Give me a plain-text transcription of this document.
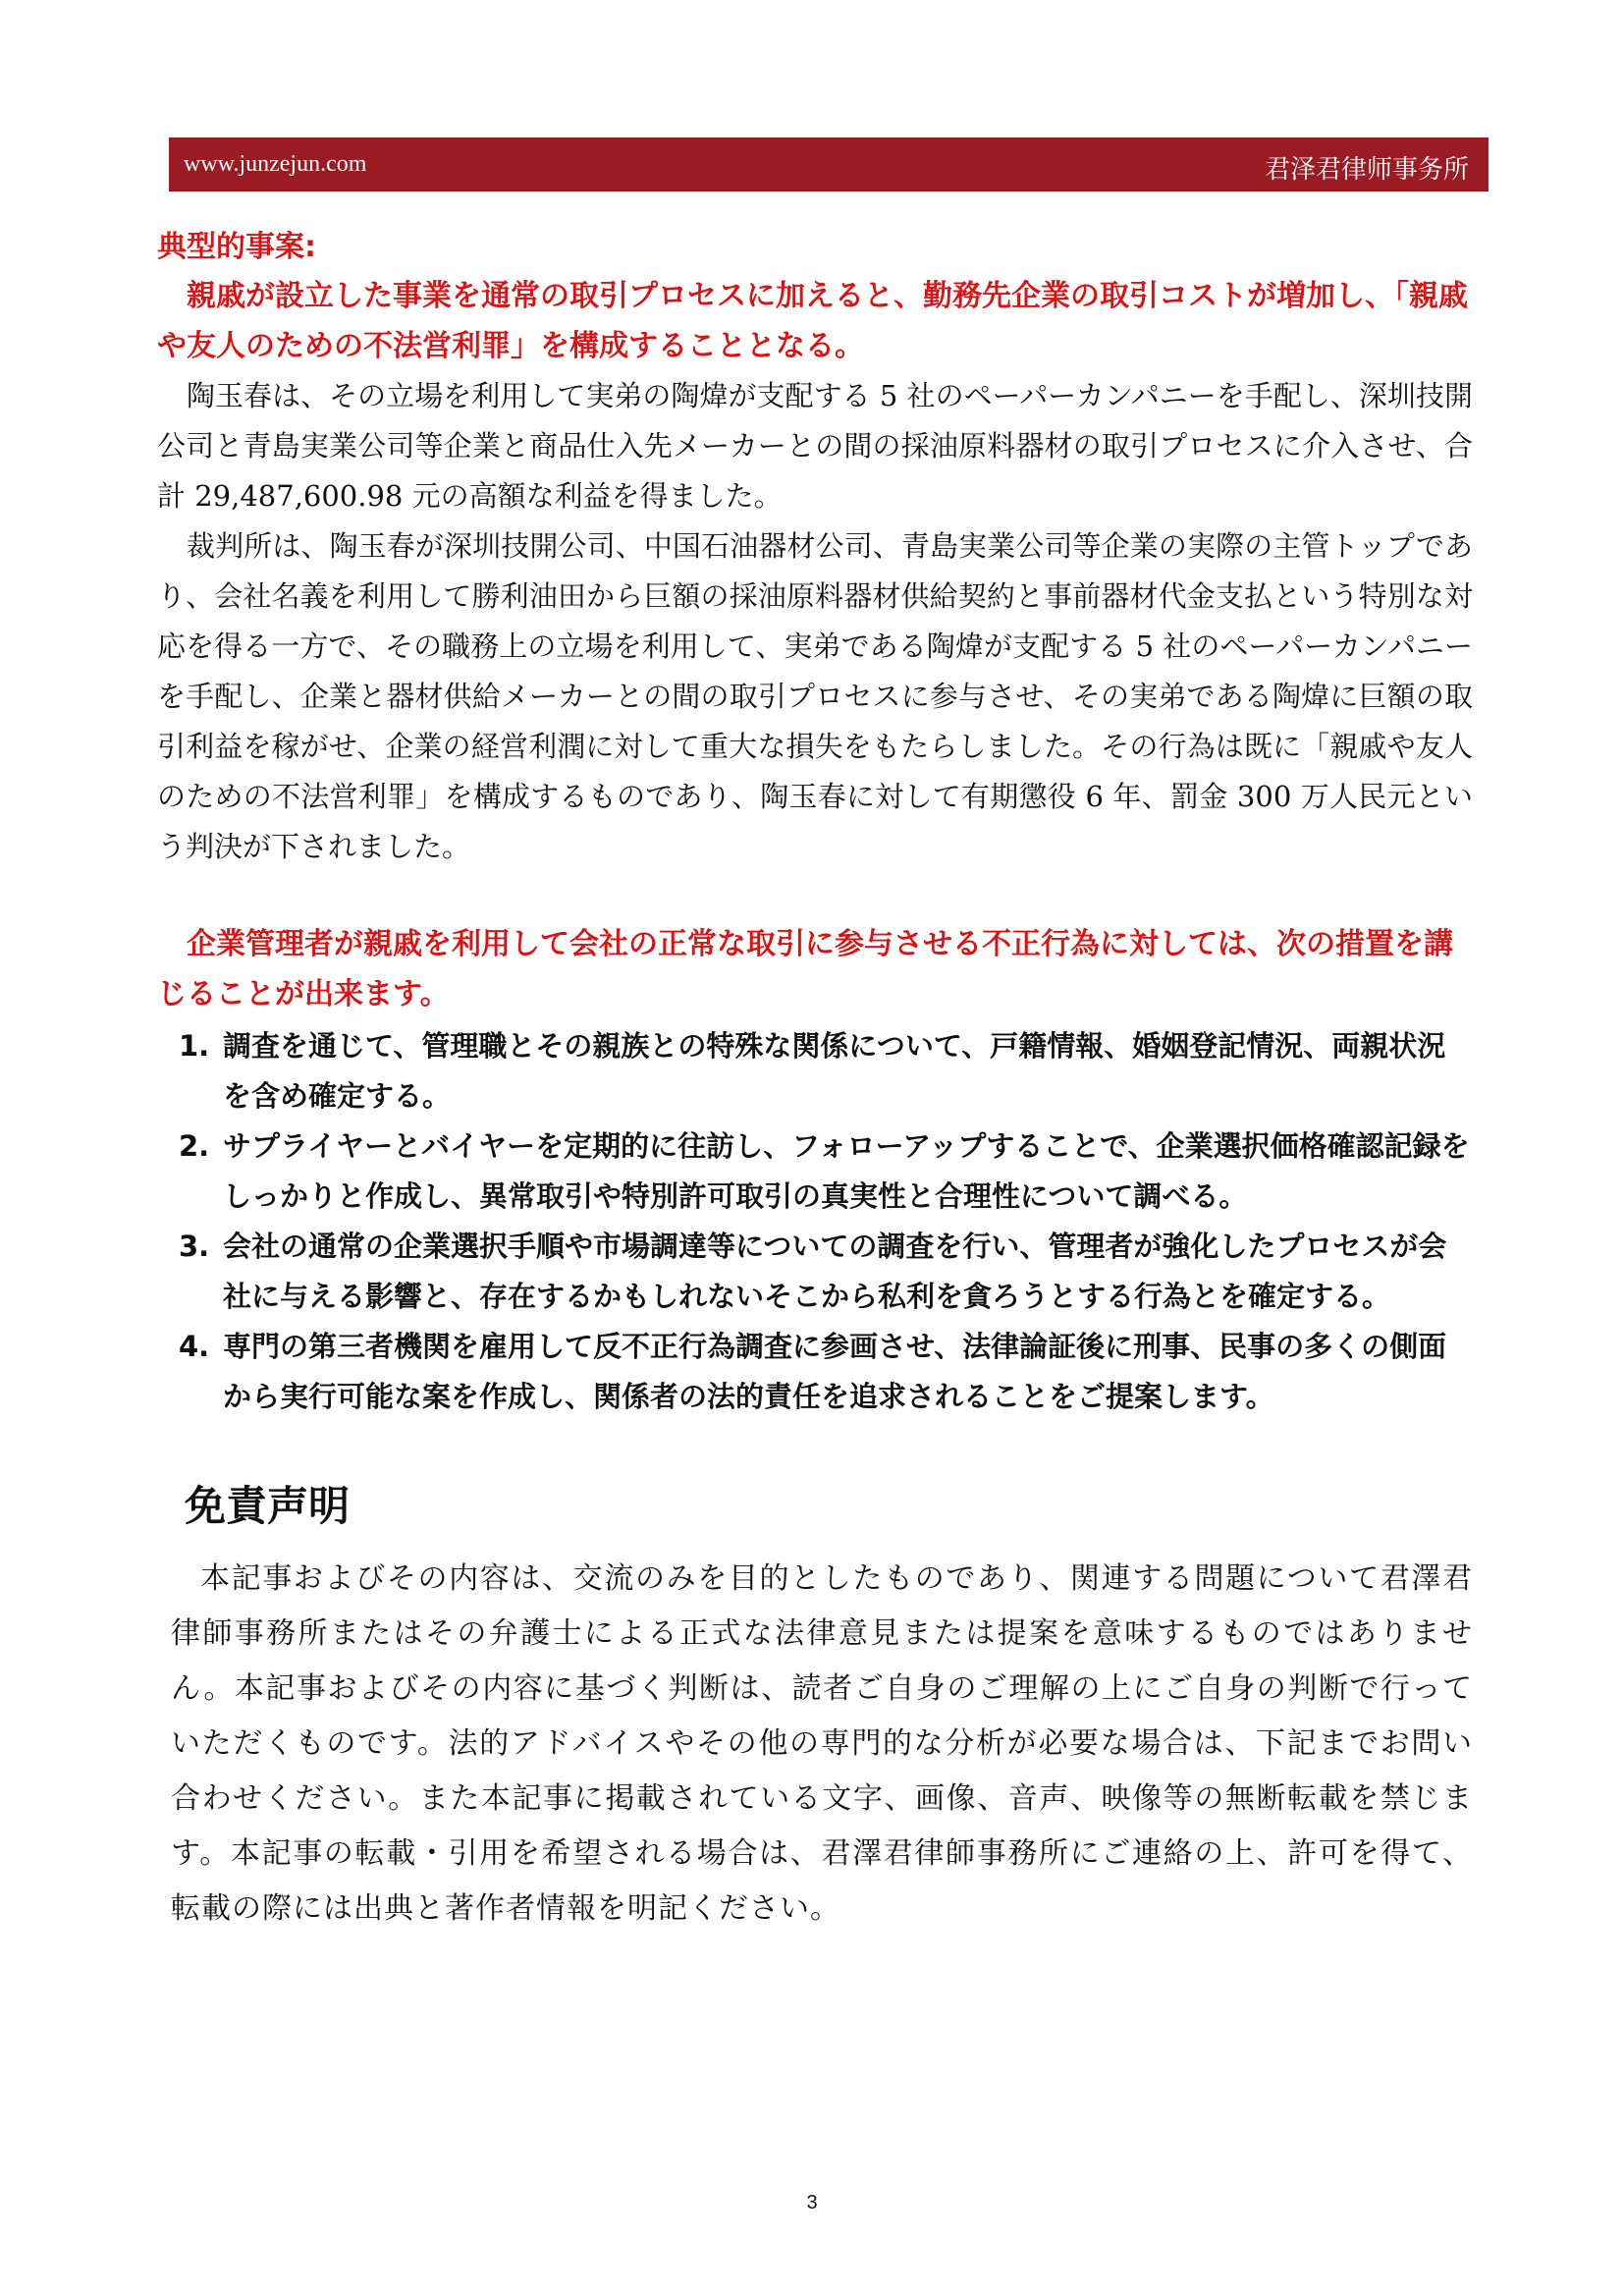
www.junzejun.com	君泽君律师事务所

典型的事案:

親戚が設立した事業を通常の取引プロセスに加えると、勤務先企業の取引コストが増加し、「親戚や友人のための不法営利罪」を構成することとなる。

陶玉春は、その立場を利用して実弟の陶煒が支配する 5 社のペーパーカンパニーを手配し、深圳技開公司と青島実業公司等企業と商品仕入先メーカーとの間の採油原料器材の取引プロセスに介入させ、合計 29,487,600.98 元の高額な利益を得ました。

裁判所は、陶玉春が深圳技開公司、中国石油器材公司、青島実業公司等企業の実際の主管トップであり、会社名義を利用して勝利油田から巨額の採油原料器材供給契約と事前器材代金支払という特別な対応を得る一方で、その職務上の立場を利用して、実弟である陶煒が支配する 5 社のペーパーカンパニーを手配し、企業と器材供給メーカーとの間の取引プロセスに参与させ、その実弟である陶煒に巨額の取引利益を稼がせ、企業の経営利潤に対して重大な損失をもたらしました。その行為は既に「親戚や友人のための不法営利罪」を構成するものであり、陶玉春に対して有期懲役 6 年、罰金 300 万人民元という判決が下されました。

企業管理者が親戚を利用して会社の正常な取引に参与させる不正行為に対しては、次の措置を講じることが出来ます。

1. 調査を通じて、管理職とその親族との特殊な関係について、戸籍情報、婚姻登記情況、両親状況を含め確定する。
2. サプライヤーとバイヤーを定期的に往訪し、フォローアップすることで、企業選択価格確認記録をしっかりと作成し、異常取引や特別許可取引の真実性と合理性について調べる。
3. 会社の通常の企業選択手順や市場調達等についての調査を行い、管理者が強化したプロセスが会社に与える影響と、存在するかもしれないそこから私利を貪ろうとする行為とを確定する。
4. 専門の第三者機関を雇用して反不正行為調査に参画させ、法律論証後に刑事、民事の多くの側面から実行可能な案を作成し、関係者の法的責任を追求されることをご提案します。
免責声明

本記事およびその内容は、交流のみを目的としたものであり、関連する問題について君澤君律師事務所またはその弁護士による正式な法律意見または提案を意味するものではありません。本記事およびその内容に基づく判断は、読者ご自身のご理解の上にご自身の判断で行っていただくものです。法的アドバイスやその他の専門的な分析が必要な場合は、下記までお問い合わせください。また本記事に掲載されている文字、画像、音声、映像等の無断転載を禁じます。本記事の転載・引用を希望される場合は、君澤君律師事務所にご連絡の上、許可を得て、転載の際には出典と著作者情報を明記ください。

3
